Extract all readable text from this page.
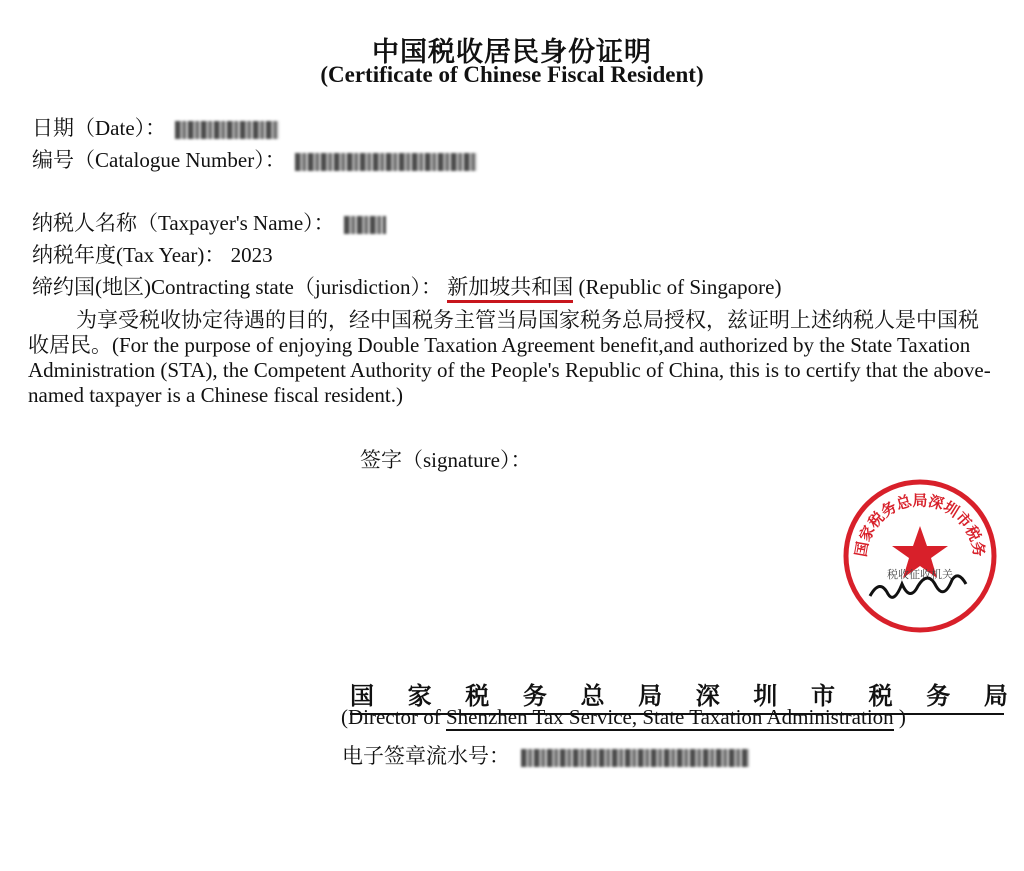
中国税收居民身份证明
(Certificate of Chinese Fiscal Resident)
日期（Date）：
编号（Catalogue Number）：
纳税人名称（Taxpayer's Name）：
纳税年度(Tax Year)： 2023
缔约国(地区)Contracting state（jurisdiction）： 新加坡共和国 (Republic of Singapore)
为享受税收协定待遇的目的，经中国税务主管当局国家税务总局授权，兹证明上述纳税人是中国税收居民。(For the purpose of enjoying Double Taxation Agreement benefit,and authorized by the State Taxation Administration (STA), the Competent Authority of the People's Republic of China, this is to certify that the above-named taxpayer is a Chinese fiscal resident.)
签字（signature）：
国家税务总局深圳市税务
税收征收机关
国 家 税 务 总 局 深 圳 市 税 务 局
(Director of Shenzhen Tax Service, State Taxation Administration )
电子签章流水号：
